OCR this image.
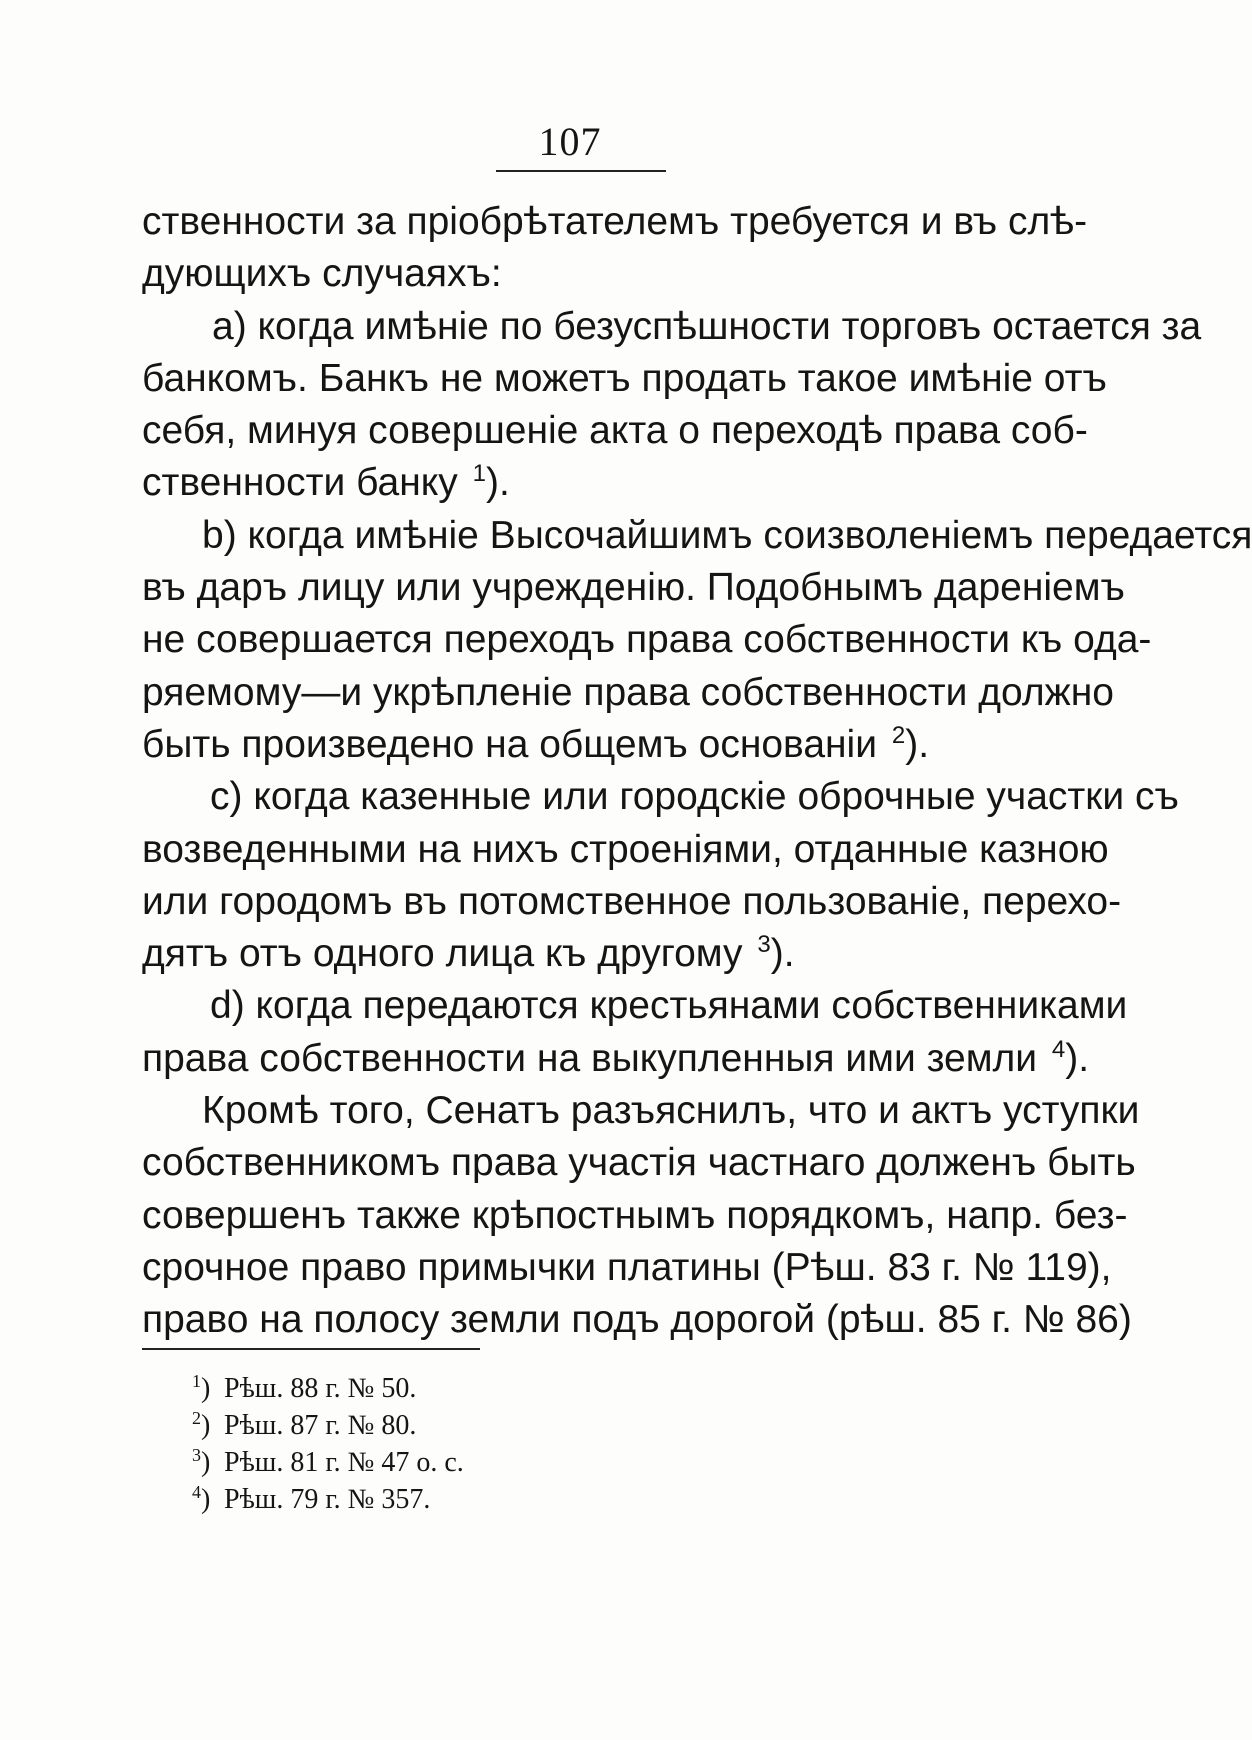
107
ственности за пріобрѣтателемъ требуется и въ слѣ-
дующихъ случаяхъ:
a) когда имѣніе по безуспѣшности торговъ остается за
банкомъ. Банкъ не можетъ продать такое имѣніе отъ
себя, минуя совершеніе акта о переходѣ права соб-
ственности банку $^1$).
b) когда имѣніе Высочайшимъ соизволеніемъ передается
въ даръ лицу или учрежденію. Подобнымъ дареніемъ
не совершается переходъ права собственности къ ода-
ряемому—и укрѣпленіе права собственности должно
быть произведено на общемъ основаніи $^2$).
c) когда казенные или городскіе оброчные участки съ
возведенными на нихъ строеніями, отданные казною
или городомъ въ потомственное пользованіе, перехо-
дятъ отъ одного лица къ другому $^3$).
d) когда передаются крестьянами собственниками
права собственности на выкупленныя ими земли $^4$).
Кромѣ того, Сенатъ разъяснилъ, что и актъ уступки
собственникомъ права участія частнаго долженъ быть
совершенъ также крѣпостнымъ порядкомъ, напр. без-
срочное право примычки платины (Рѣш. 83 г. № 119),
право на полосу земли подъ дорогой (рѣш. 85 г. № 86)
$^1$) Рѣш. 88 г. № 50.
$^2$) Рѣш. 87 г. № 80.
$^3$) Рѣш. 81 г. № 47 о. с.
$^4$) Рѣш. 79 г. № 357.
